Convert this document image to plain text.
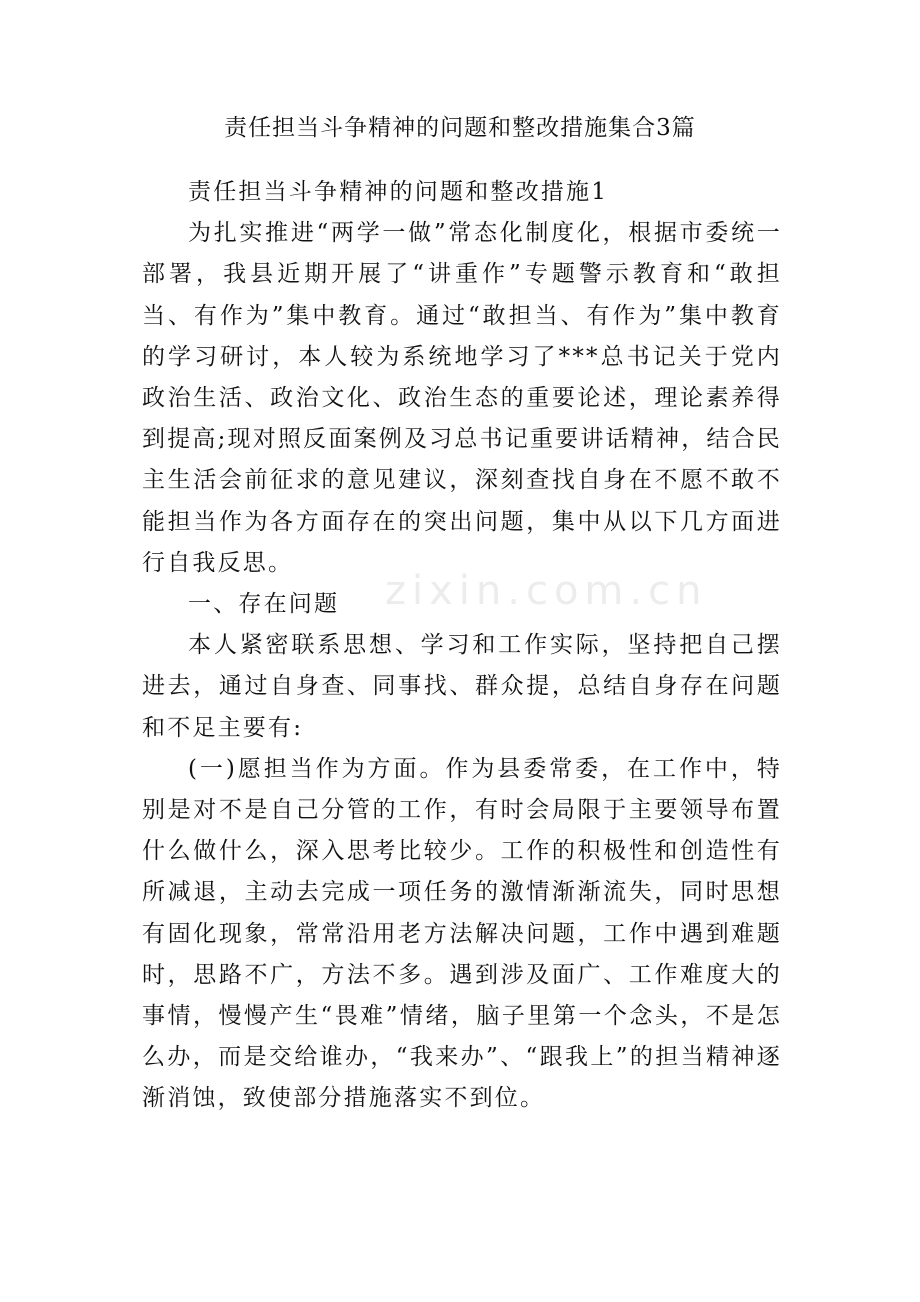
zixin.com.cn
责任担当斗争精神的问题和整改措施集合3篇

责任担当斗争精神的问题和整改措施1

为扎实推进“两学一做”常态化制度化，根据市委统一部署，我县近期开展了“讲重作”专题警示教育和“敢担当、有作为”集中教育。通过“敢担当、有作为”集中教育的学习研讨，本人较为系统地学习了***总书记关于党内政治生活、政治文化、政治生态的重要论述，理论素养得到提高;现对照反面案例及习总书记重要讲话精神，结合民主生活会前征求的意见建议，深刻查找自身在不愿不敢不能担当作为各方面存在的突出问题，集中从以下几方面进行自我反思。

一、存在问题

本人紧密联系思想、学习和工作实际，坚持把自己摆进去，通过自身查、同事找、群众提，总结自身存在问题和不足主要有:

(一)愿担当作为方面。作为县委常委，在工作中，特别是对不是自己分管的工作，有时会局限于主要领导布置什么做什么，深入思考比较少。工作的积极性和创造性有所减退，主动去完成一项任务的激情渐渐流失，同时思想有固化现象，常常沿用老方法解决问题，工作中遇到难题时，思路不广，方法不多。遇到涉及面广、工作难度大的事情，慢慢产生“畏难”情绪，脑子里第一个念头，不是怎么办，而是交给谁办，“我来办”、“跟我上”的担当精神逐渐消蚀，致使部分措施落实不到位。
